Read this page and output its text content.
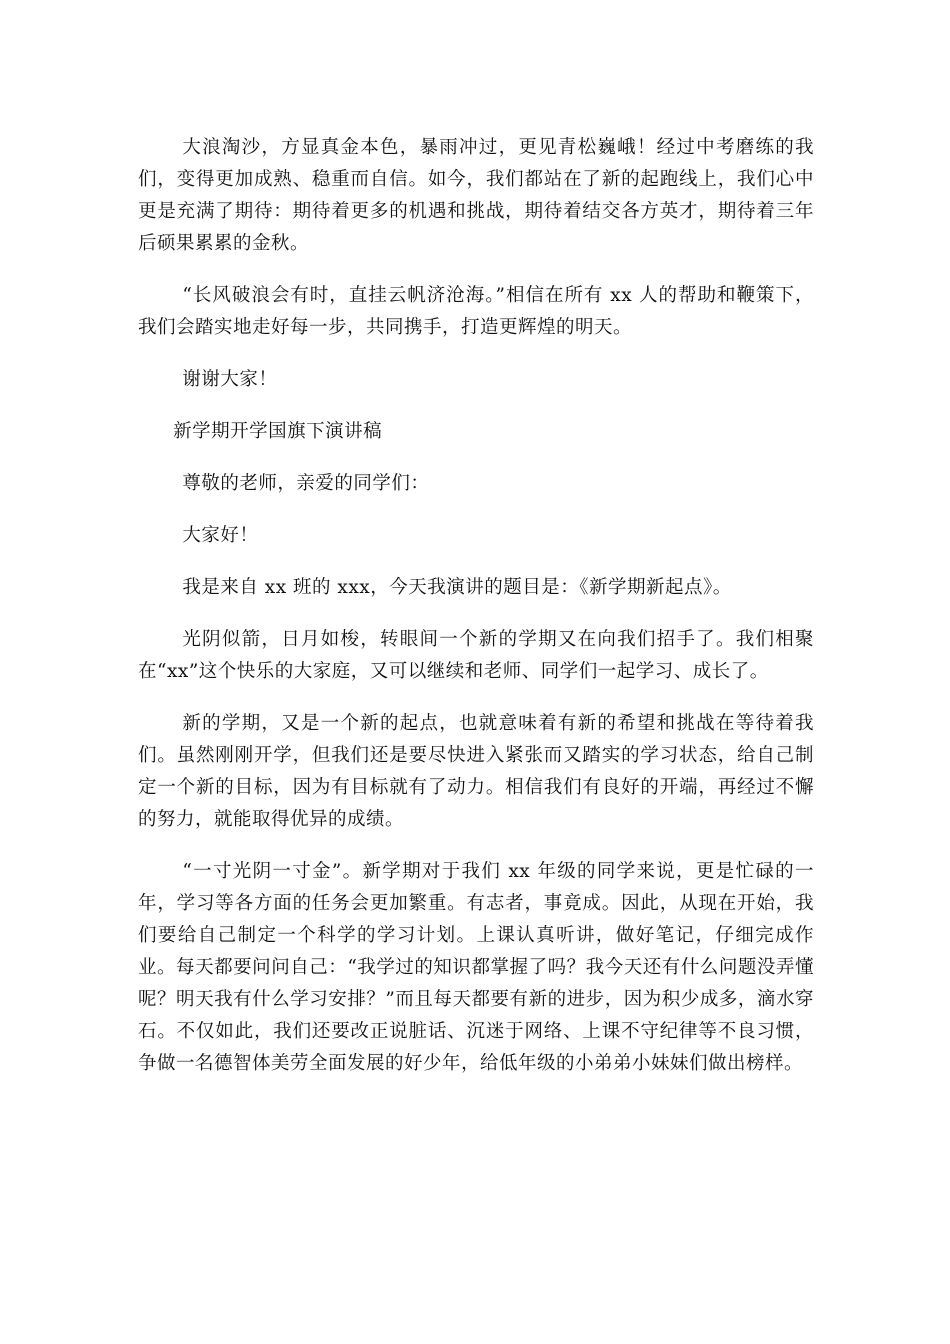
大浪淘沙，方显真金本色，暴雨冲过，更见青松巍峨！经过中考磨练的我们，变得更加成熟、稳重而自信。如今，我们都站在了新的起跑线上，我们心中更是充满了期待：期待着更多的机遇和挑战，期待着结交各方英才，期待着三年后硕果累累的金秋。

“长风破浪会有时，直挂云帆济沧海。”相信在所有 xx 人的帮助和鞭策下，我们会踏实地走好每一步，共同携手，打造更辉煌的明天。

谢谢大家！

新学期开学国旗下演讲稿

尊敬的老师，亲爱的同学们：

大家好！

我是来自 xx 班的 xxx，今天我演讲的题目是：《新学期新起点》。

光阴似箭，日月如梭，转眼间一个新的学期又在向我们招手了。我们相聚在“xx”这个快乐的大家庭，又可以继续和老师、同学们一起学习、成长了。

新的学期，又是一个新的起点，也就意味着有新的希望和挑战在等待着我们。虽然刚刚开学，但我们还是要尽快进入紧张而又踏实的学习状态，给自己制定一个新的目标，因为有目标就有了动力。相信我们有良好的开端，再经过不懈的努力，就能取得优异的成绩。

“一寸光阴一寸金”。新学期对于我们 xx 年级的同学来说，更是忙碌的一年，学习等各方面的任务会更加繁重。有志者，事竟成。因此，从现在开始，我们要给自己制定一个科学的学习计划。上课认真听讲，做好笔记，仔细完成作业。每天都要问问自己：“我学过的知识都掌握了吗？我今天还有什么问题没弄懂呢？明天我有什么学习安排？”而且每天都要有新的进步，因为积少成多，滴水穿石。不仅如此，我们还要改正说脏话、沉迷于网络、上课不守纪律等不良习惯，争做一名德智体美劳全面发展的好少年，给低年级的小弟弟小妹妹们做出榜样。
